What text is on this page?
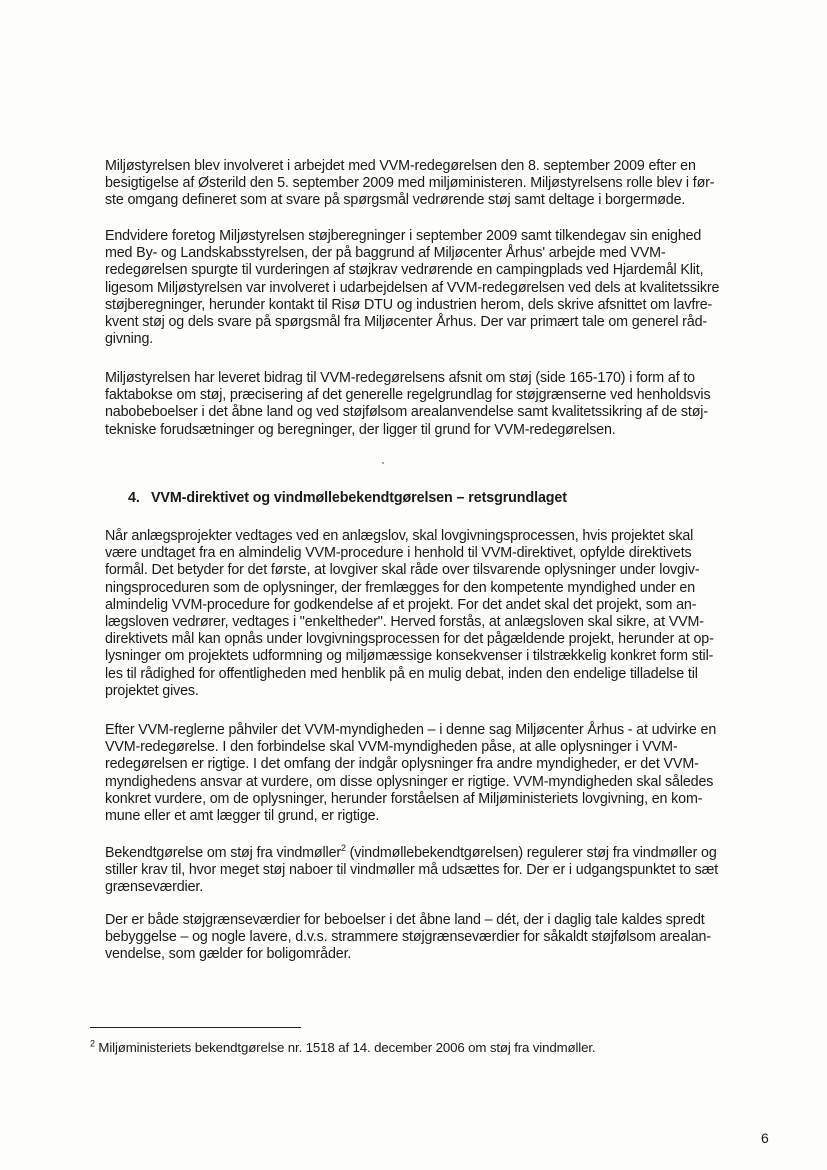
Miljøstyrelsen blev involveret i arbejdet med VVM-redegørelsen den 8. september 2009 efter en
besigtigelse af Østerild den 5. september 2009 med miljøministeren. Miljøstyrelsens rolle blev i før-
ste omgang defineret som at svare på spørgsmål vedrørende støj samt deltage i borgermøde.

Endvidere foretog Miljøstyrelsen støjberegninger i september 2009 samt tilkendegav sin enighed
med By- og Landskabsstyrelsen, der på baggrund af Miljøcenter Århus' arbejde med VVM-
redegørelsen spurgte til vurderingen af støjkrav vedrørende en campingplads ved Hjardemål Klit,
ligesom Miljøstyrelsen var involveret i udarbejdelsen af VVM-redegørelsen ved dels at kvalitetssikre
støjberegninger, herunder kontakt til Risø DTU og industrien herom, dels skrive afsnittet om lavfre-
kvent støj og dels svare på spørgsmål fra Miljøcenter Århus. Der var primært tale om generel råd-
givning.

Miljøstyrelsen har leveret bidrag til VVM-redegørelsens afsnit om støj (side 165-170) i form af to
faktabokse om støj, præcisering af det generelle regelgrundlag for støjgrænserne ved henholdsvis
nabobeboelser i det åbne land og ved støjfølsom arealanvendelse samt kvalitetssikring af de støj-
tekniske forudsætninger og beregninger, der ligger til grund for VVM-redegørelsen.

4. VVM-direktivet og vindmøllebekendtgørelsen – retsgrundlaget

Når anlægsprojekter vedtages ved en anlægslov, skal lovgivningsprocessen, hvis projektet skal
være undtaget fra en almindelig VVM-procedure i henhold til VVM-direktivet, opfylde direktivets
formål. Det betyder for det første, at lovgiver skal råde over tilsvarende oplysninger under lovgiv-
ningsproceduren som de oplysninger, der fremlægges for den kompetente myndighed under en
almindelig VVM-procedure for godkendelse af et projekt. For det andet skal det projekt, som an-
lægsloven vedrører, vedtages i "enkeltheder". Herved forstås, at anlægsloven skal sikre, at VVM-
direktivets mål kan opnås under lovgivningsprocessen for det pågældende projekt, herunder at op-
lysninger om projektets udformning og miljømæssige konsekvenser i tilstrækkelig konkret form stil-
les til rådighed for offentligheden med henblik på en mulig debat, inden den endelige tilladelse til
projektet gives.

Efter VVM-reglerne påhviler det VVM-myndigheden – i denne sag Miljøcenter Århus - at udvirke en
VVM-redegørelse. I den forbindelse skal VVM-myndigheden påse, at alle oplysninger i VVM-
redegørelsen er rigtige. I det omfang der indgår oplysninger fra andre myndigheder, er det VVM-
myndighedens ansvar at vurdere, om disse oplysninger er rigtige. VVM-myndigheden skal således
konkret vurdere, om de oplysninger, herunder forståelsen af Miljøministeriets lovgivning, en kom-
mune eller et amt lægger til grund, er rigtige.

Bekendtgørelse om støj fra vindmøller$^2$ (vindmøllebekendtgørelsen) regulerer støj fra vindmøller og
stiller krav til, hvor meget støj naboer til vindmøller må udsættes for. Der er i udgangspunktet to sæt
grænseværdier.

Der er både støjgrænseværdier for beboelser i det åbne land – dét, der i daglig tale kaldes spredt
bebyggelse – og nogle lavere, d.v.s. strammere støjgrænseværdier for såkaldt støjfølsom arealan-
vendelse, som gælder for boligområder.

$^2$ Miljøministeriets bekendtgørelse nr. 1518 af 14. december 2006 om støj fra vindmøller.
6
